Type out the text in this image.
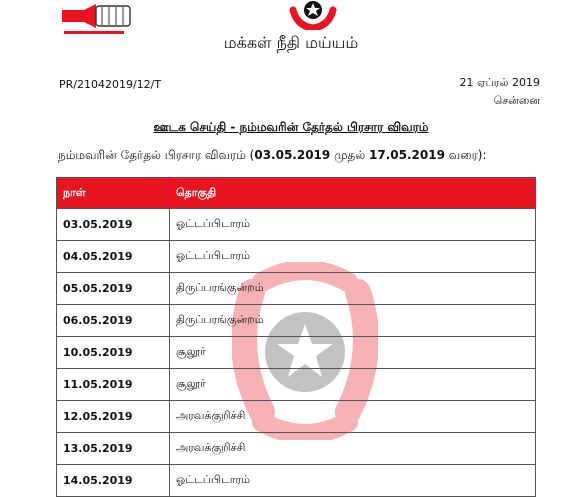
மக்கள் நீதி மய்யம்
PR/21042019/12/T	21 ஏப்ரல் 2019
சென்னை
ஊடக செய்தி - நம்மவரின் தேர்தல் பிரசார விவரம்
நம்மவரின் தேர்தல் பிரசார விவரம் (03.05.2019 முதல் 17.05.2019 வரை):
நாள்	தொகுதி
03.05.2019	ஓட்டப்பிடாரம்
04.05.2019	ஓட்டப்பிடாரம்
05.05.2019	திருப்பரங்குன்றம்
06.05.2019	திருப்பரங்குன்றம்
10.05.2019	சூலூர்
11.05.2019	சூலூர்
12.05.2019	அரவக்குறிச்சி
13.05.2019	அரவக்குறிச்சி
14.05.2019	ஓட்டப்பிடாரம்
